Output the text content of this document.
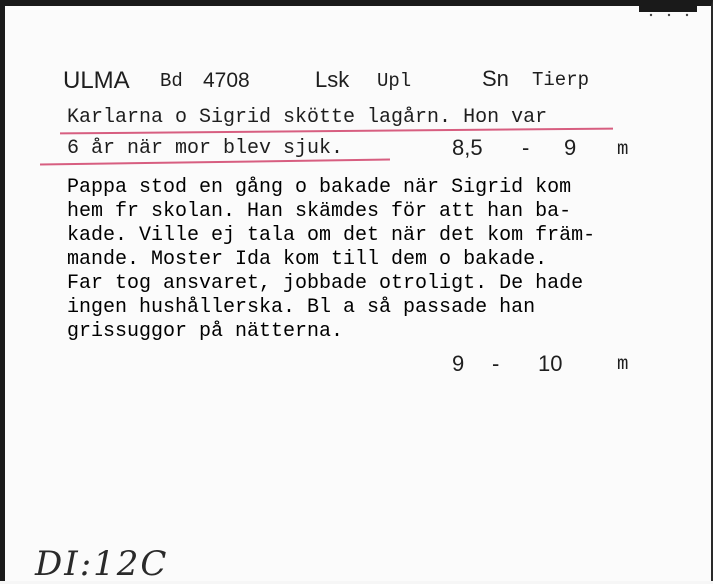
ULMA Bd 4708	Lsk Upl	Sn Tierp
Karlarna o Sigrid skötte lagårn. Hon var
6 år när mor blev sjuk.	8,5 - 9 m
Pappa stod en gång o bakade när Sigrid kom
hem fr skolan. Han skämdes för att han ba-
kade. Ville ej tala om det när det kom främ-
mande. Moster Ida kom till dem o bakade.
Far tog ansvaret, jobbade otroligt. De hade
ingen hushållerska. Bl a så passade han
grissuggor på nätterna.
9 - 10	m
DI:12C
